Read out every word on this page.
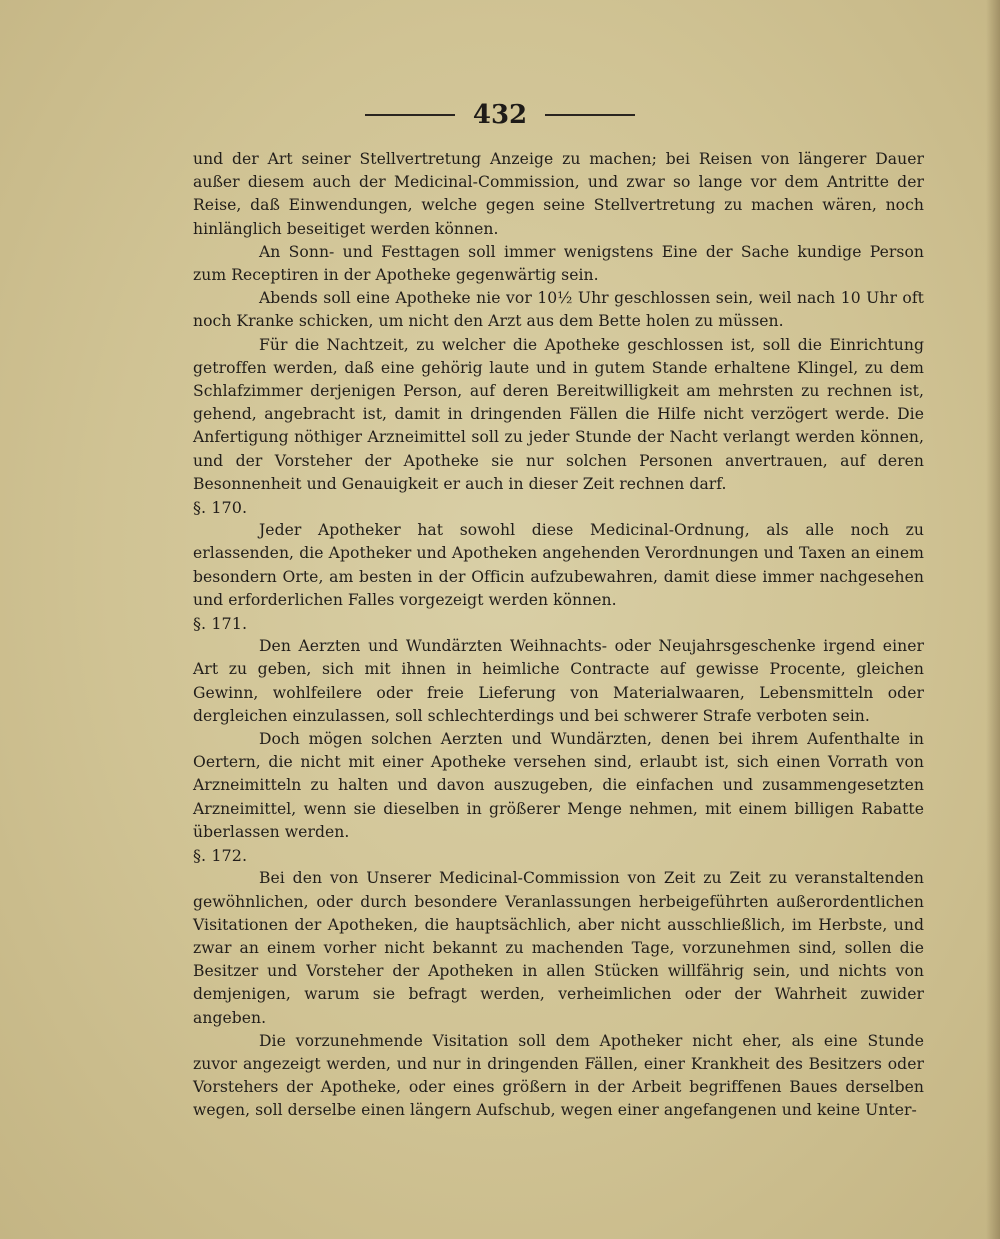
432

und der Art seiner Stellvertretung Anzeige zu machen; bei Reisen von längerer Dauer außer diesem auch der Medicinal-Commission, und zwar so lange vor dem Antritte der Reise, daß Einwendungen, welche gegen seine Stellvertretung zu machen wären, noch hinlänglich beseitiget werden können.

An Sonn- und Festtagen soll immer wenigstens Eine der Sache kundige Person zum Receptiren in der Apotheke gegenwärtig sein.

Abends soll eine Apotheke nie vor 10½ Uhr geschlossen sein, weil nach 10 Uhr oft noch Kranke schicken, um nicht den Arzt aus dem Bette holen zu müssen.

Für die Nachtzeit, zu welcher die Apotheke geschlossen ist, soll die Einrichtung getroffen werden, daß eine gehörig laute und in gutem Stande erhaltene Klingel, zu dem Schlafzimmer derjenigen Person, auf deren Bereitwilligkeit am mehrsten zu rechnen ist, gehend, angebracht ist, damit in dringenden Fällen die Hilfe nicht verzögert werde. Die Anfertigung nöthiger Arzneimittel soll zu jeder Stunde der Nacht verlangt werden können, und der Vorsteher der Apotheke sie nur solchen Personen anvertrauen, auf deren Besonnenheit und Genauigkeit er auch in dieser Zeit rechnen darf.

§. 170.

Jeder Apotheker hat sowohl diese Medicinal-Ordnung, als alle noch zu erlassenden, die Apotheker und Apotheken angehenden Verordnungen und Taxen an einem besondern Orte, am besten in der Officin aufzubewahren, damit diese immer nachgesehen und erforderlichen Falles vorgezeigt werden können.

§. 171.

Den Aerzten und Wundärzten Weihnachts- oder Neujahrsgeschenke irgend einer Art zu geben, sich mit ihnen in heimliche Contracte auf gewisse Procente, gleichen Gewinn, wohlfeilere oder freie Lieferung von Materialwaaren, Lebensmitteln oder dergleichen einzulassen, soll schlechterdings und bei schwerer Strafe verboten sein.

Doch mögen solchen Aerzten und Wundärzten, denen bei ihrem Aufenthalte in Oertern, die nicht mit einer Apotheke versehen sind, erlaubt ist, sich einen Vorrath von Arzneimitteln zu halten und davon auszugeben, die einfachen und zusammengesetzten Arzneimittel, wenn sie dieselben in größerer Menge nehmen, mit einem billigen Rabatte überlassen werden.

§. 172.

Bei den von Unserer Medicinal-Commission von Zeit zu Zeit zu veranstaltenden gewöhnlichen, oder durch besondere Veranlassungen herbeigeführten außerordentlichen Visitationen der Apotheken, die hauptsächlich, aber nicht ausschließlich, im Herbste, und zwar an einem vorher nicht bekannt zu machenden Tage, vorzunehmen sind, sollen die Besitzer und Vorsteher der Apotheken in allen Stücken willfährig sein, und nichts von demjenigen, warum sie befragt werden, verheimlichen oder der Wahrheit zuwider angeben.

Die vorzunehmende Visitation soll dem Apotheker nicht eher, als eine Stunde zuvor angezeigt werden, und nur in dringenden Fällen, einer Krankheit des Besitzers oder Vorstehers der Apotheke, oder eines größern in der Arbeit begriffenen Baues derselben wegen, soll derselbe einen längern Aufschub, wegen einer angefangenen und keine Unter-
